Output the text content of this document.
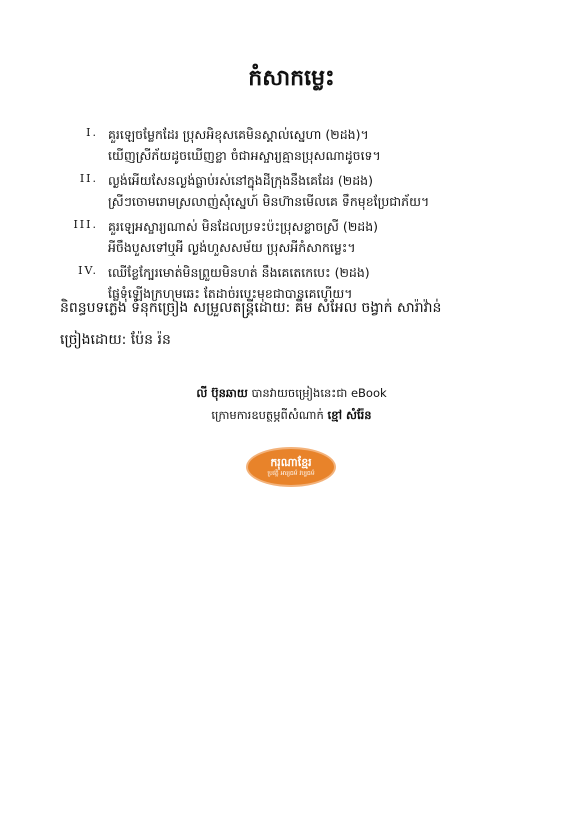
កំសាកម្លេះ
I. គួរឡេចម្លែកដែរ ប្រុសអិខុសគេមិនស្គាល់ស្នេហា (២ដង)។
យើញស្រីភ័យដូចឃើញខ្លា ចំជាអស្ចារ្យគ្មានប្រុសណាដូចទេ។
II. ល្ងង់អើយសែនល្ងង់ធ្លាប់រស់នៅក្នុងដីក្រុងនឹងគេដែរ (២ដង)
ស្រីៗចោមរោមស្រលាញ់សុំស្នេហ៍ មិនហ៊ានមើលគេ ទឹកមុខប្រែជាភ័យ។
III. គួរឡេអស្ចារ្យណាស់ មិនដែលប្រទះប៉ះប្រុសខ្លាចស្រី (២ដង)
អីចឹងបួសទៅឬអី ល្ងង់ហួសសម័យ ប្រុសអីកំសាកម្លេះ។
IV. ឈើខ្លែក្បែរមោត់មិនព្រួយមិនហត់ នឹងគេតេកេបេះ (២ដង)
ផ្លែទុំឡើងក្រហមឆេះ តែដាច់របេះមុខជាបានគេហើយ។
និពន្ធបទភ្លេង ទំនុកច្រៀង សម្រួលតន្ត្រីដោយ: គឹម សំអែល ចង្វាក់ សារ៉ាវ៉ាន់
ច្រៀងដោយ: ប៉ែន រ៉ន
លី ប៊ុនឆាយ បានវាយចម្រៀងនេះជា eBook
ក្រោមការឧបត្ថម្ភពីសំណាក់ ខ្មៅ សំរ៉ែន
ករុណាខ្មែរ
ប្រវត្តិ អារ្យធម៌ វប្បធម៌
